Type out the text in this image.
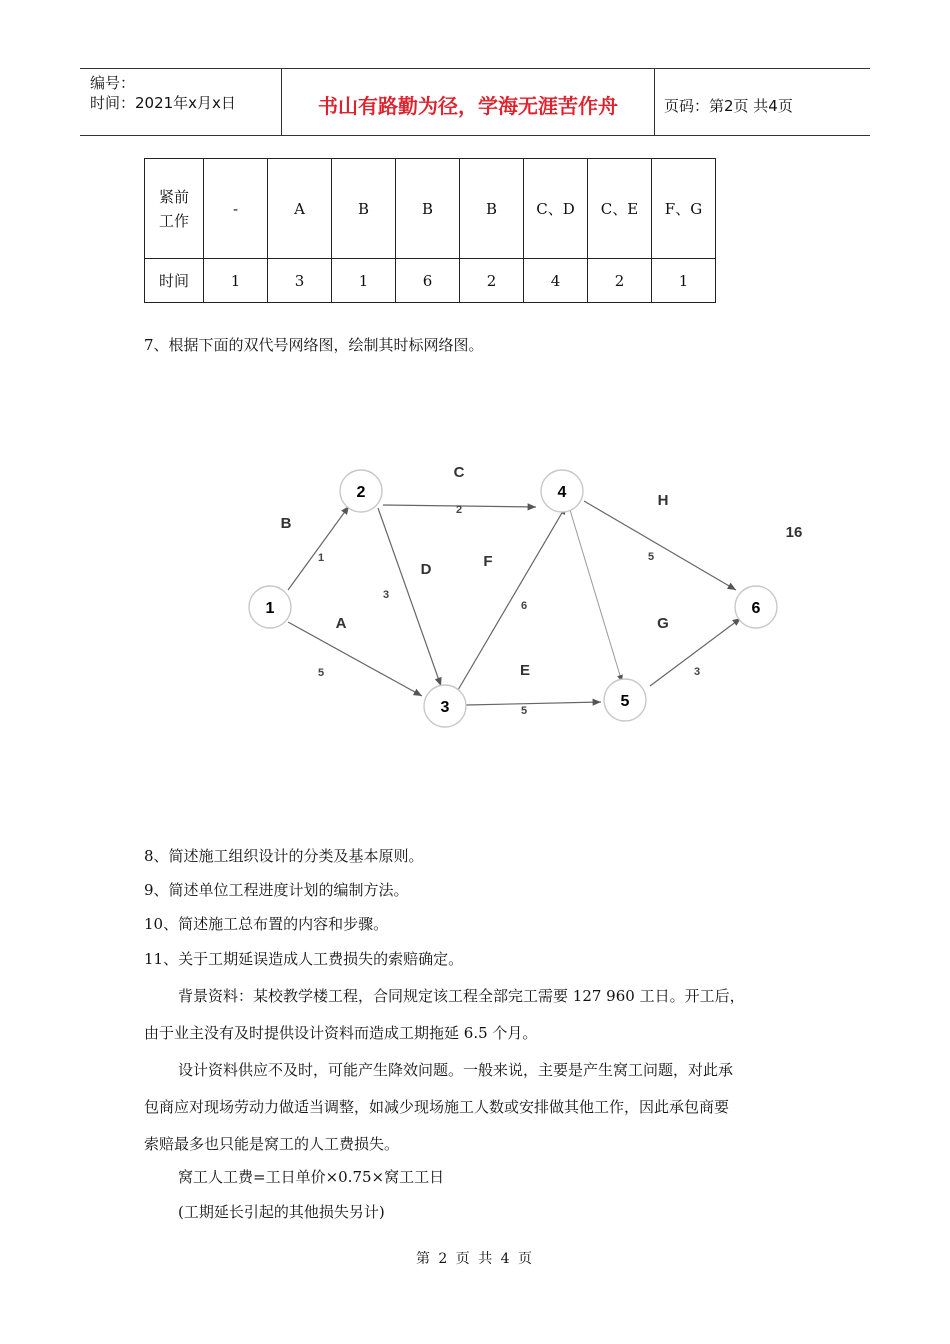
编号：
时间：2021年x月x日	书山有路勤为径，学海无涯苦作舟	页码：第2页 共4页
紧前
工作	-	A	B	B	B	C、D	C、E	F、G
时间	1	3	1	6	2	4	2	1
7、根据下面的双代号网络图，绘制其时标网络图。
1
2
3
4
5
6
B
A
C
D	F
E
G
H
1
5
2
3
6
5
5
3
16
8、简述施工组织设计的分类及基本原则。
9、简述单位工程进度计划的编制方法。
10、简述施工总布置的内容和步骤。
11、关于工期延误造成人工费损失的索赔确定。
背景资料：某校教学楼工程，合同规定该工程全部完工需要 127 960 工日。开工后，
由于业主没有及时提供设计资料而造成工期拖延 6.5 个月。
设计资料供应不及时，可能产生降效问题。一般来说，主要是产生窝工问题，对此承
包商应对现场劳动力做适当调整，如减少现场施工人数或安排做其他工作，因此承包商要
索赔最多也只能是窝工的人工费损失。
窝工人工费=工日单价×0.75×窝工工日
(工期延长引起的其他损失另计)
第 2 页 共 4 页
